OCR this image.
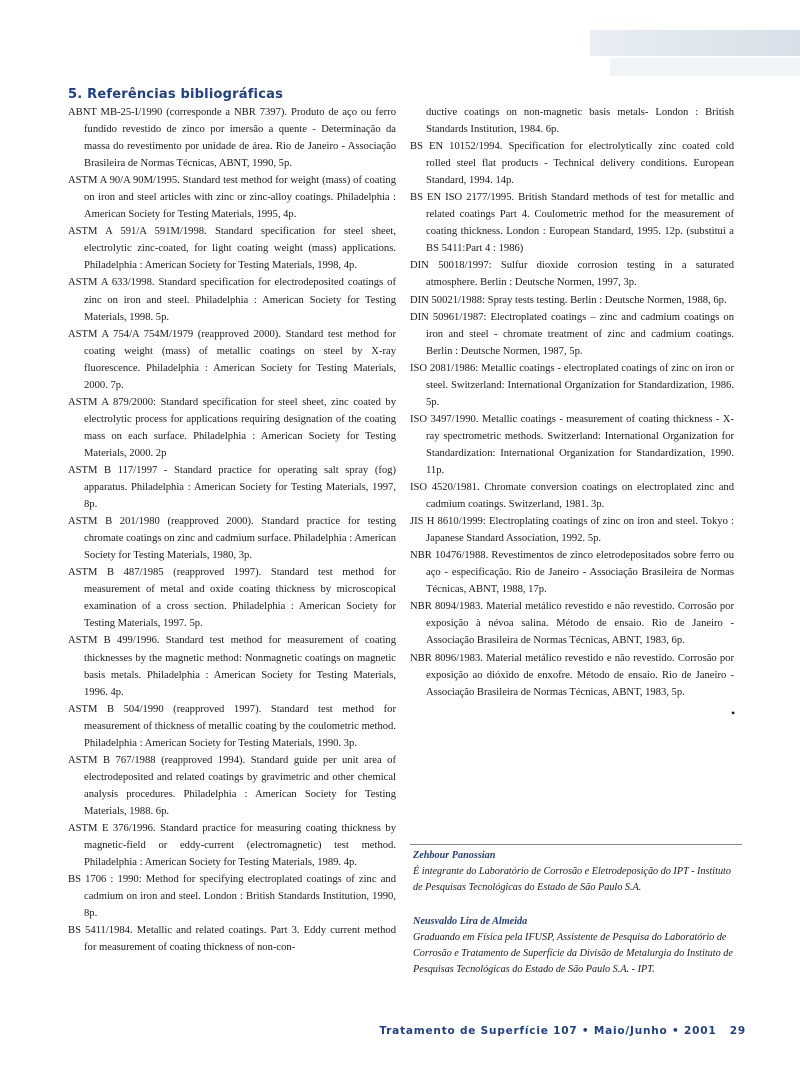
5. Referências bibliográficas

ABNT MB-25-I/1990 (corresponde a NBR 7397). Produto de aço ou ferro fundido revestido de zinco por imersão a quente - Determinação da massa do revestimento por unidade de área. Rio de Janeiro - Associação Brasileira de Normas Técnicas, ABNT, 1990, 5p.

ASTM A 90/A 90M/1995. Standard test method for weight (mass) of coating on iron and steel articles with zinc or zinc-alloy coatings. Philadelphia : American Society for Testing Materials, 1995, 4p.

ASTM A 591/A 591M/1998. Standard specification for steel sheet, electrolytic zinc-coated, for light coating weight (mass) applications. Philadelphia : American Society for Testing Materials, 1998, 4p.

ASTM A 633/1998. Standard specification for electrodeposited coatings of zinc on iron and steel. Philadelphia : American Society for Testing Materials, 1998. 5p.

ASTM A 754/A 754M/1979 (reapproved 2000). Standard test method for coating weight (mass) of metallic coatings on steel by X-ray fluorescence. Philadelphia : American Society for Testing Materials, 2000. 7p.

ASTM A 879/2000: Standard specification for steel sheet, zinc coated by electrolytic process for applications requiring designation of the coating mass on each surface. Philadelphia : American Society for Testing Materials, 2000. 2p

ASTM B 117/1997 - Standard practice for operating salt spray (fog) apparatus. Philadelphia : American Society for Testing Materials, 1997, 8p.

ASTM B 201/1980 (reapproved 2000). Standard practice for testing chromate coatings on zinc and cadmium surface. Philadelphia : American Society for Testing Materials, 1980, 3p.

ASTM B 487/1985 (reapproved 1997). Standard test method for measurement of metal and oxide coating thickness by microscopical examination of a cross section. Philadelphia : American Society for Testing Materials, 1997. 5p.

ASTM B 499/1996. Standard test method for measurement of coating thicknesses by the magnetic method: Nonmagnetic coatings on magnetic basis metals. Philadelphia : American Society for Testing Materials, 1996. 4p.

ASTM B 504/1990 (reapproved 1997). Standard test method for measurement of thickness of metallic coating by the coulometric method. Philadelphia : American Society for Testing Materials, 1990. 3p.

ASTM B 767/1988 (reapproved 1994). Standard guide per unit area of electrodeposited and related coatings by gravimetric and other chemical analysis procedures. Philadelphia : American Society for Testing Materials, 1988. 6p.

ASTM E 376/1996. Standard practice for measuring coating thickness by magnetic-field or eddy-current (electromagnetic) test method. Philadelphia : American Society for Testing Materials, 1989. 4p.

BS 1706 : 1990: Method for specifying electroplated coatings of zinc and cadmium on iron and steel. London : British Standards Institution, 1990, 8p.

BS 5411/1984. Metallic and related coatings. Part 3. Eddy current method for measurement of coating thickness of non-con-

ductive coatings on non-magnetic basis metals- London : British Standards Institution, 1984. 6p.

BS EN 10152/1994. Specification for electrolytically zinc coated cold rolled steel flat products - Technical delivery conditions. European Standard, 1994. 14p.

BS EN ISO 2177/1995. British Standard methods of test for metallic and related coatings Part 4. Coulometric method for the measurement of coating thickness. London : European Standard, 1995. 12p. (substitui a BS 5411:Part 4 : 1986)

DIN 50018/1997: Sulfur dioxide corrosion testing in a saturated atmosphere. Berlin : Deutsche Normen, 1997, 3p.

DIN 50021/1988: Spray tests testing. Berlin : Deutsche Normen, 1988, 6p.

DIN 50961/1987: Electroplated coatings – zinc and cadmium coatings on iron and steel - chromate treatment of zinc and cadmium coatings. Berlin : Deutsche Normen, 1987, 5p.

ISO 2081/1986: Metallic coatings - electroplated coatings of zinc on iron or steel. Switzerland: International Organization for Standardization, 1986. 5p.

ISO 3497/1990. Metallic coatings - measurement of coating thickness - X-ray spectrometric methods. Switzerland: International Organization for Standardization: International Organization for Standardization, 1990. 11p.

ISO 4520/1981. Chromate conversion coatings on electroplated zinc and cadmium coatings. Switzerland, 1981. 3p.

JIS H 8610/1999: Electroplating coatings of zinc on iron and steel. Tokyo : Japanese Standard Association, 1992. 5p.

NBR 10476/1988. Revestimentos de zinco eletrodepositados sobre ferro ou aço - especificação. Rio de Janeiro - Associação Brasileira de Normas Técnicas, ABNT, 1988, 17p.

NBR 8094/1983. Material metálico revestido e não revestido. Corrosão por exposição à névoa salina. Método de ensaio. Rio de Janeiro - Associação Brasileira de Normas Técnicas, ABNT, 1983, 6p.

NBR 8096/1983. Material metálico revestido e não revestido. Corrosão por exposição ao dióxido de enxofre. Método de ensaio. Rio de Janeiro - Associação Brasileira de Normas Técnicas, ABNT, 1983, 5p.

•
Zehbour Panossian

É integrante do Laboratório de Corrosão e Eletrodeposição do IPT - Instituto de Pesquisas Tecnológicas do Estado de São Paulo S.A.

Neusvaldo Lira de Almeida

Graduando em Física pela IFUSP, Assistente de Pesquisa do Laboratório de Corrosão e Tratamento de Superfície da Divisão de Metalurgia do Instituto de Pesquisas Tecnológicas do Estado de São Paulo S.A. - IPT.

Tratamento de Superfície 107 • Maio/Junho • 2001   29
